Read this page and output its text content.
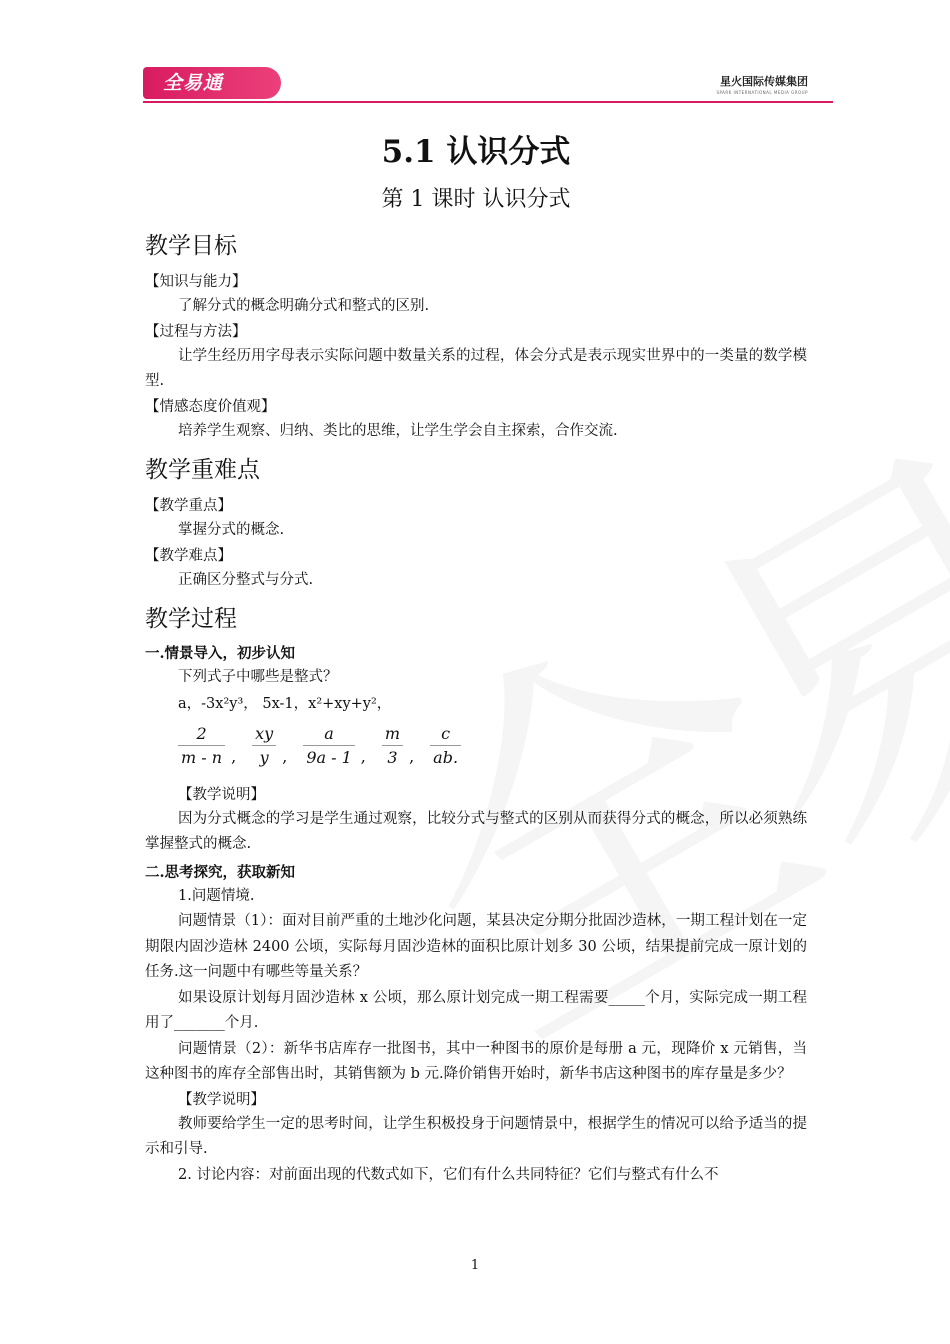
全易通	星火国际传媒集团
SPARK INTERNATIONAL MEDIA GROUP
5.1 认识分式
第 1 课时 认识分式
教学目标
【知识与能力】

了解分式的概念明确分式和整式的区别.

【过程与方法】

让学生经历用字母表示实际问题中数量关系的过程，体会分式是表示现实世界中的一类量的数学模型.

【情感态度价值观】

培养学生观察、归纳、类比的思维，让学生学会自主探索，合作交流.

教学重难点
【教学重点】

掌握分式的概念.

【教学难点】

正确区分整式与分式.

教学过程
一.情景导入，初步认知

下列式子中哪些是整式？

a，-3x²y³， 5x-1，x²+xy+y²，
$\frac{2}{m - n}$ , $\frac{xy}{y}$ , $\frac{a}{9a - 1}$ , $\frac{m}{3}$ , $\frac{c}{ab.}$
【教学说明】

因为分式概念的学习是学生通过观察，比较分式与整式的区别从而获得分式的概念，所以必须熟练掌握整式的概念.

二.思考探究，获取新知

1.问题情境.

问题情景（1）：面对目前严重的土地沙化问题，某县决定分期分批固沙造林，一期工程计划在一定期限内固沙造林 2400 公顷，实际每月固沙造林的面积比原计划多 30 公顷，结果提前完成一原计划的任务.这一问题中有哪些等量关系？

如果设原计划每月固沙造林 x 公顷，那么原计划完成一期工程需要_____个月，实际完成一期工程用了_______个月.

问题情景（2）：新华书店库存一批图书，其中一种图书的原价是每册 a 元，现降价 x 元销售，当这种图书的库存全部售出时，其销售额为 b 元.降价销售开始时，新华书店这种图书的库存量是多少？

【教学说明】

教师要给学生一定的思考时间，让学生积极投身于问题情景中，根据学生的情况可以给予适当的提示和引导.

2. 讨论内容：对前面出现的代数式如下，它们有什么共同特征？它们与整式有什么不

1
